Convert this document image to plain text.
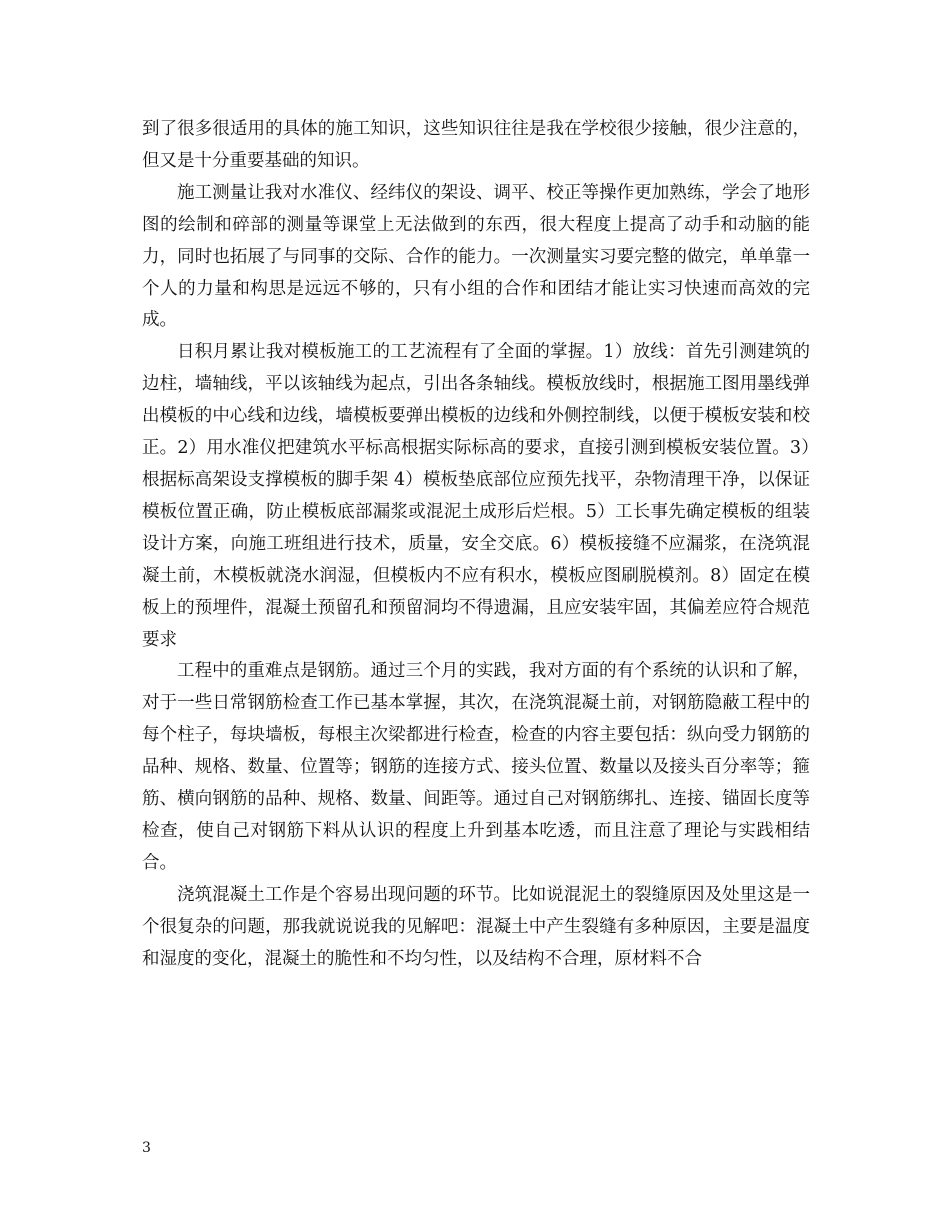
到了很多很适用的具体的施工知识，这些知识往往是我在学校很少接触，很少注意的，但又是十分重要基础的知识。

施工测量让我对水准仪、经纬仪的架设、调平、校正等操作更加熟练，学会了地形图的绘制和碎部的测量等课堂上无法做到的东西，很大程度上提高了动手和动脑的能力，同时也拓展了与同事的交际、合作的能力。一次测量实习要完整的做完，单单靠一个人的力量和构思是远远不够的，只有小组的合作和团结才能让实习快速而高效的完成。

日积月累让我对模板施工的工艺流程有了全面的掌握。1）放线：首先引测建筑的边柱，墙轴线，平以该轴线为起点，引出各条轴线。模板放线时，根据施工图用墨线弹出模板的中心线和边线，墙模板要弹出模板的边线和外侧控制线，以便于模板安装和校正。2）用水准仪把建筑水平标高根据实际标高的要求，直接引测到模板安装位置。3）根据标高架设支撑模板的脚手架 4）模板垫底部位应预先找平，杂物清理干净，以保证模板位置正确，防止模板底部漏浆或混泥土成形后烂根。5）工长事先确定模板的组装设计方案，向施工班组进行技术，质量，安全交底。6）模板接缝不应漏浆，在浇筑混凝土前，木模板就浇水润湿，但模板内不应有积水，模板应图刷脱模剂。8）固定在模板上的预埋件，混凝土预留孔和预留洞均不得遗漏，且应安装牢固，其偏差应符合规范要求

工程中的重难点是钢筋。通过三个月的实践，我对方面的有个系统的认识和了解，对于一些日常钢筋检查工作已基本掌握，其次，在浇筑混凝土前，对钢筋隐蔽工程中的每个柱子，每块墙板，每根主次梁都进行检查，检查的内容主要包括：纵向受力钢筋的品种、规格、数量、位置等；钢筋的连接方式、接头位置、数量以及接头百分率等；箍筋、横向钢筋的品种、规格、数量、间距等。通过自己对钢筋绑扎、连接、锚固长度等检查，使自己对钢筋下料从认识的程度上升到基本吃透，而且注意了理论与实践相结合。

浇筑混凝土工作是个容易出现问题的环节。比如说混泥土的裂缝原因及处里这是一个很复杂的问题，那我就说说我的见解吧：混凝土中产生裂缝有多种原因，主要是温度和湿度的变化，混凝土的脆性和不均匀性，以及结构不合理，原材料不合

3
